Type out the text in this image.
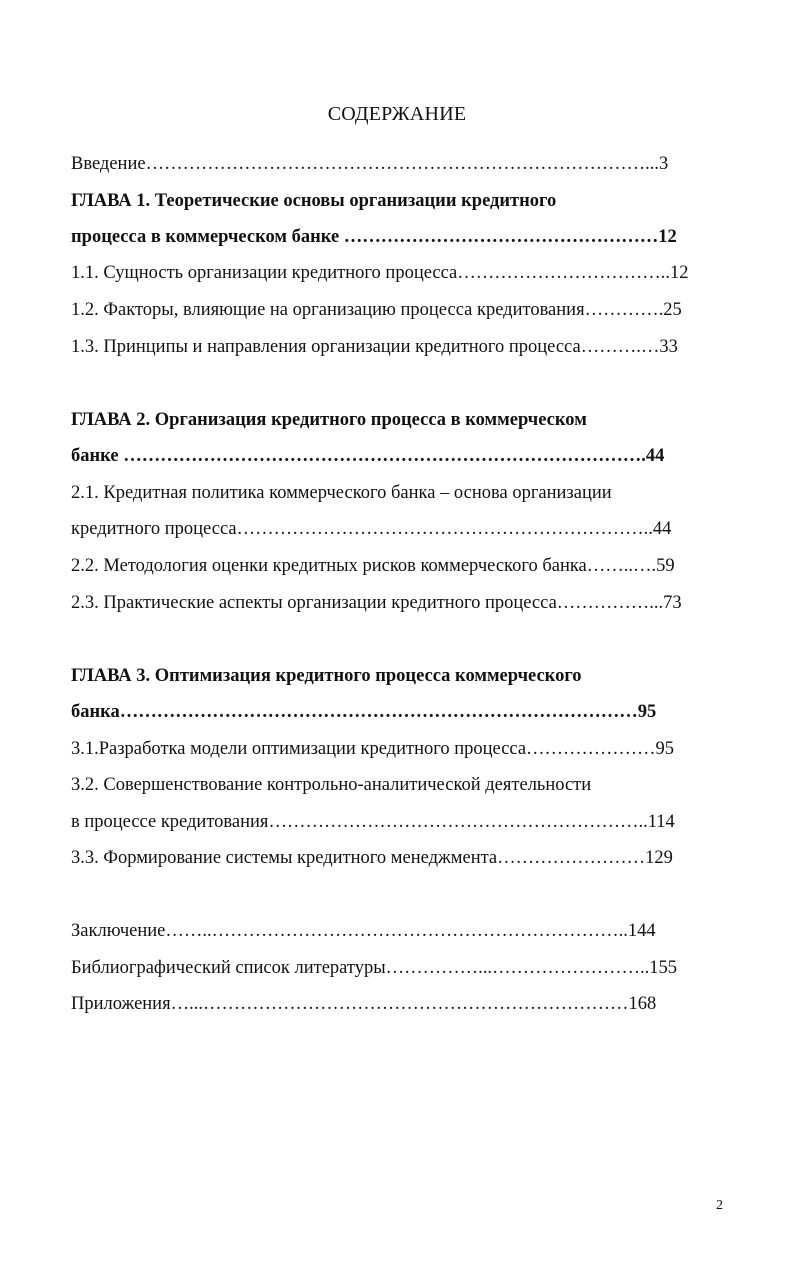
СОДЕРЖАНИЕ
Введение………………………………………………………………………...3
ГЛАВА 1. Теоретические основы организации кредитного
процесса в коммерческом банке ……………………………………………12
1.1. Сущность организации кредитного процесса……………………………..12
1.2. Факторы, влияющие на организацию процесса кредитования………….25
1.3. Принципы и направления организации кредитного процесса……….…33
ГЛАВА 2. Организация кредитного процесса в коммерческом
банке ………………………………………………………………………….44
2.1. Кредитная политика коммерческого банка – основа организации
кредитного процесса…………………………………………………………..44
2.2. Методология оценки кредитных рисков коммерческого банка……..….59
2.3. Практические аспекты организации кредитного процесса……………...73
ГЛАВА 3. Оптимизация кредитного процесса коммерческого
банка…………………………………………………………………………95
3.1.Разработка модели оптимизации кредитного процесса…………………95
3.2. Совершенствование контрольно-аналитической деятельности
в процессе кредитования……………………………………………………..114
3.3. Формирование системы кредитного менеджмента……………………129
Заключение……..…………………………………………………………..144
Библиографический список литературы……………...……………………..155
Приложения…...……………………………………………………………168
2
